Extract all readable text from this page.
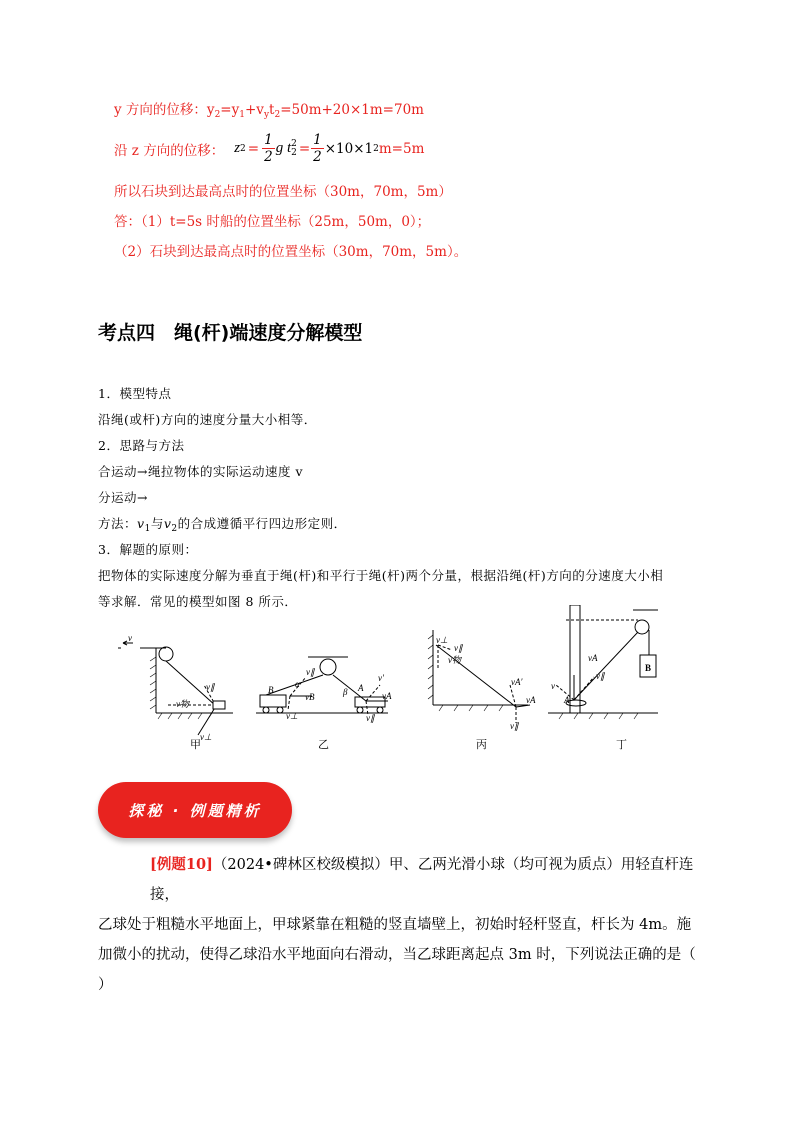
y 方向的位移：$y_2=y_1+v_yt_2=50m+20\times 1m=70m$
沿 z 方向的位移： z $2 = \frac{1}{2}$ g t 2
$2 = \frac{1}{2} \times 10\times 1$ 2 m=5m
所以石块到达最高点时的位置坐标（30m，70m，5m）
答：（1）t=5s 时船的位置坐标（25m，50m，0）；
（2）石块到达最高点时的位置坐标（30m，70m，5m）。
考点四　绳(杆)端速度分解模型
1．模型特点
沿绳(或杆)方向的速度分量大小相等．
2．思路与方法
合运动→绳拉物体的实际运动速度 v
分运动→
方法：$v_1$与$v_2$的合成遵循平行四边形定则．
3．解题的原则：
把物体的实际速度分解为垂直于绳(杆)和平行于绳(杆)两个分量，根据沿绳(杆)方向的分速度大小相
等求解．常见的模型如图 8 所示．
v
v∥
v物
v⊥
B
α
vB
v∥
v⊥
β A
v′
vA
v∥
v⊥
v∥
v物
vA′
vA
v∥
vA
v∥
v
A
B
甲	乙	丙	丁
探秘 · 例题精析
[例题10]（2024•碑林区校级模拟）甲、乙两光滑小球（均可视为质点）用轻直杆连接，
乙球处于粗糙水平地面上，甲球紧靠在粗糙的竖直墙壁上，初始时轻杆竖直，杆长为 4m。施
加微小的扰动，使得乙球沿水平地面向右滑动，当乙球距离起点 3m 时，下列说法正确的是（
）
